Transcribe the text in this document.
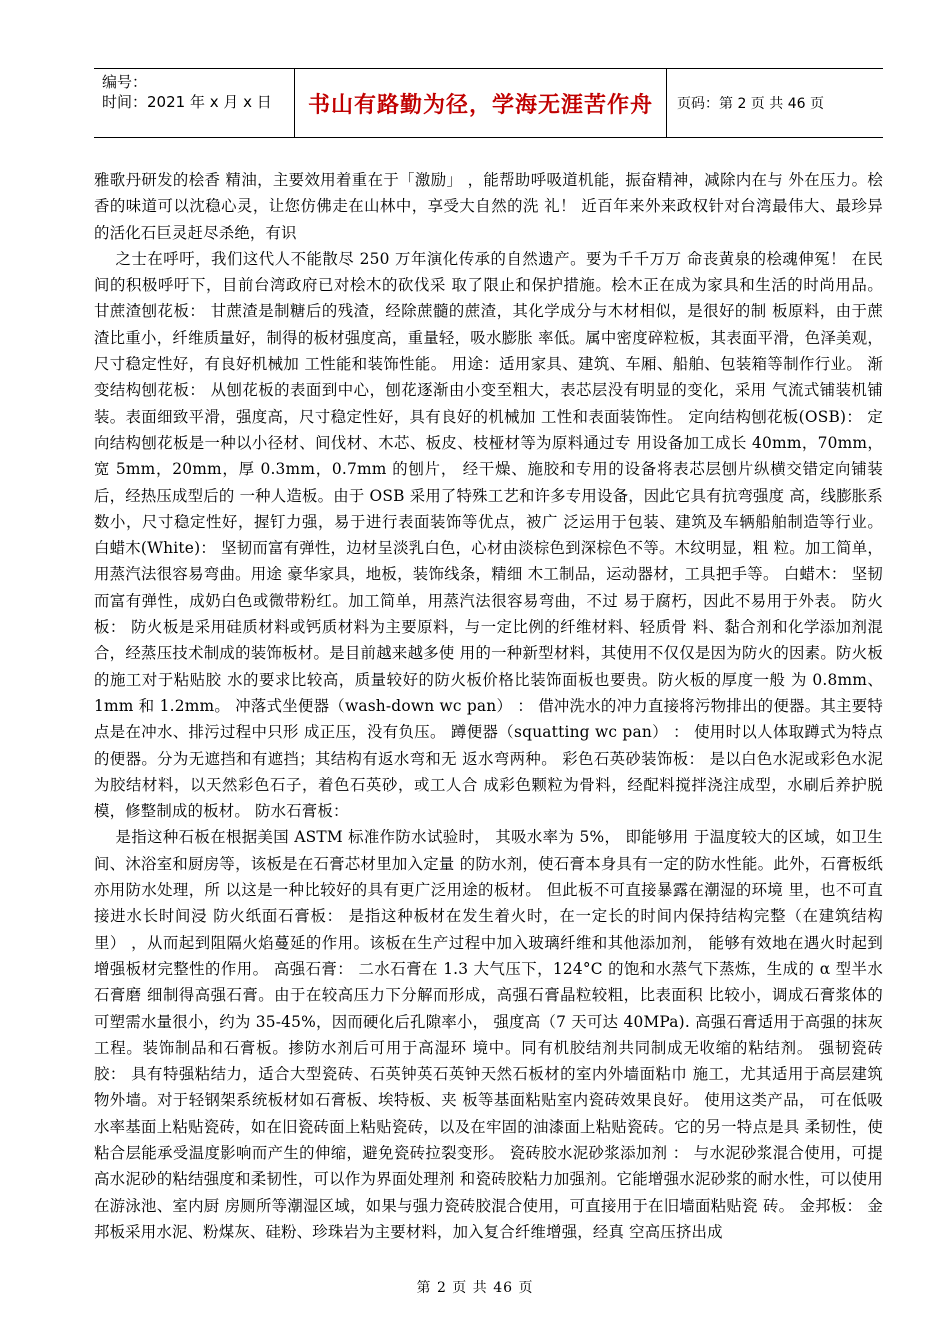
编号：
时间：2021 年 x 月 x 日	书山有路勤为径，学海无涯苦作舟	页码：第 2 页 共 46 页

雅歌丹研发的桧香 精油，主要效用着重在于「激励」 ，能帮助呼吸道机能，振奋精神，减除内在与 外在压力。桧香的味道可以沈稳心灵，让您仿佛走在山林中，享受大自然的洗 礼！ 近百年来外来政权针对台湾最伟大、最珍异的活化石巨灵赶尽杀绝，有识

之士在呼吁，我们这代人不能散尽 250 万年演化传承的自然遗产。要为千千万万 命丧黄泉的桧魂伸冤！ 在民间的积极呼吁下，目前台湾政府已对桧木的砍伐采 取了限止和保护措施。桧木正在成为家具和生活的时尚用品。 甘蔗渣刨花板： 甘蔗渣是制糖后的残渣，经除蔗髓的蔗渣，其化学成分与木材相似，是很好的制 板原料，由于蔗渣比重小，纤维质量好，制得的板材强度高，重量轻，吸水膨胀 率低。属中密度碎粒板，其表面平滑，色泽美观，尺寸稳定性好，有良好机械加 工性能和装饰性能。 用途：适用家具、建筑、车厢、船舶、包装箱等制作行业。 渐变结构刨花板： 从刨花板的表面到中心，刨花逐渐由小变至粗大，表芯层没有明显的变化，采用 气流式铺装机铺装。表面细致平滑，强度高，尺寸稳定性好，具有良好的机械加 工性和表面装饰性。 定向结构刨花板(OSB)： 定向结构刨花板是一种以小径材、间伐材、木芯、板皮、枝桠材等为原料通过专 用设备加工成长 40mm，70mm，宽 5mm，20mm，厚 0.3mm，0.7mm 的刨片， 经干燥、施胶和专用的设备将表芯层刨片纵横交错定向铺装后，经热压成型后的 一种人造板。由于 OSB 采用了特殊工艺和许多专用设备，因此它具有抗弯强度 高，线膨胀系数小，尺寸稳定性好，握钉力强，易于进行表面装饰等优点，被广 泛运用于包装、建筑及车辆船舶制造等行业。 白蜡木(White)： 坚韧而富有弹性，边材呈淡乳白色，心材由淡棕色到深棕色不等。木纹明显，粗 粒。加工简单，用蒸汽法很容易弯曲。用途 豪华家具，地板，装饰线条，精细 木工制品，运动器材，工具把手等。 白蜡木： 坚韧而富有弹性，成奶白色或微带粉红。加工简单，用蒸汽法很容易弯曲，不过 易于腐朽，因此不易用于外表。 防火板： 防火板是采用硅质材料或钙质材料为主要原料，与一定比例的纤维材料、轻质骨 料、黏合剂和化学添加剂混合，经蒸压技术制成的装饰板材。是目前越来越多使 用的一种新型材料，其使用不仅仅是因为防火的因素。防火板的施工对于粘贴胶 水的要求比较高，质量较好的防火板价格比装饰面板也要贵。防火板的厚度一般 为 0.8mm、1mm 和 1.2mm。 冲落式坐便器（wash-down wc pan） ： 借冲洗水的冲力直接将污物排出的便器。其主要特点是在冲水、排污过程中只形 成正压，没有负压。 蹲便器（squatting wc pan） ： 使用时以人体取蹲式为特点的便器。分为无遮挡和有遮挡；其结构有返水弯和无 返水弯两种。 彩色石英砂装饰板： 是以白色水泥或彩色水泥为胶结材料，以天然彩色石子，着色石英砂，或工人合 成彩色颗粒为骨料，经配料搅拌浇注成型，水刷后养护脱模，修整制成的板材。 防水石膏板：

是指这种石板在根据美国 ASTM 标准作防水试验时， 其吸水率为 5%， 即能够用 于温度较大的区域，如卫生间、沐浴室和厨房等，该板是在石膏芯材里加入定量 的防水剂，使石膏本身具有一定的防水性能。此外，石膏板纸亦用防水处理，所 以这是一种比较好的具有更广泛用途的板材。 但此板不可直接暴露在潮湿的环境 里，也不可直接进水长时间浸 防火纸面石膏板： 是指这种板材在发生着火时，在一定长的时间内保持结构完整（在建筑结构里） ，从而起到阻隔火焰蔓延的作用。该板在生产过程中加入玻璃纤维和其他添加剂， 能够有效地在遇火时起到增强板材完整性的作用。 高强石膏： 二水石膏在 1.3 大气压下，124°C 的饱和水蒸气下蒸炼，生成的 α 型半水石膏磨 细制得高强石膏。由于在较高压力下分解而形成，高强石膏晶粒较粗，比表面积 比较小，调成石膏浆体的可塑需水量很小，约为 35-45%，因而硬化后孔隙率小， 强度高（7 天可达 40MPa). 高强石膏适用于高强的抹灰工程。装饰制品和石膏板。掺防水剂后可用于高湿环 境中。同有机胶结剂共同制成无收缩的粘结剂。 强韧瓷砖胶： 具有特强粘结力，适合大型瓷砖、石英钟英石英钟天然石板材的室内外墙面粘巾 施工，尤其适用于高层建筑物外墙。对于轻钢架系统板材如石膏板、埃特板、夹 板等基面粘贴室内瓷砖效果良好。 使用这类产品， 可在低吸水率基面上粘贴瓷砖，如在旧瓷砖面上粘贴瓷砖，以及在牢固的油漆面上粘贴瓷砖。它的另一特点是具 柔韧性，使粘合层能承受温度影响而产生的伸缩，避免瓷砖拉裂变形。 瓷砖胶水泥砂浆添加剂 ： 与水泥砂浆混合使用，可提高水泥砂的粘结强度和柔韧性，可以作为界面处理剂 和瓷砖胶粘力加强剂。它能增强水泥砂浆的耐水性，可以使用在游泳池、室内厨 房厕所等潮湿区域，如果与强力瓷砖胶混合使用，可直接用于在旧墙面粘贴瓷 砖。 金邦板： 金邦板采用水泥、粉煤灰、硅粉、珍珠岩为主要材料，加入复合纤维增强，经真 空高压挤出成

第 2 页 共 46 页
